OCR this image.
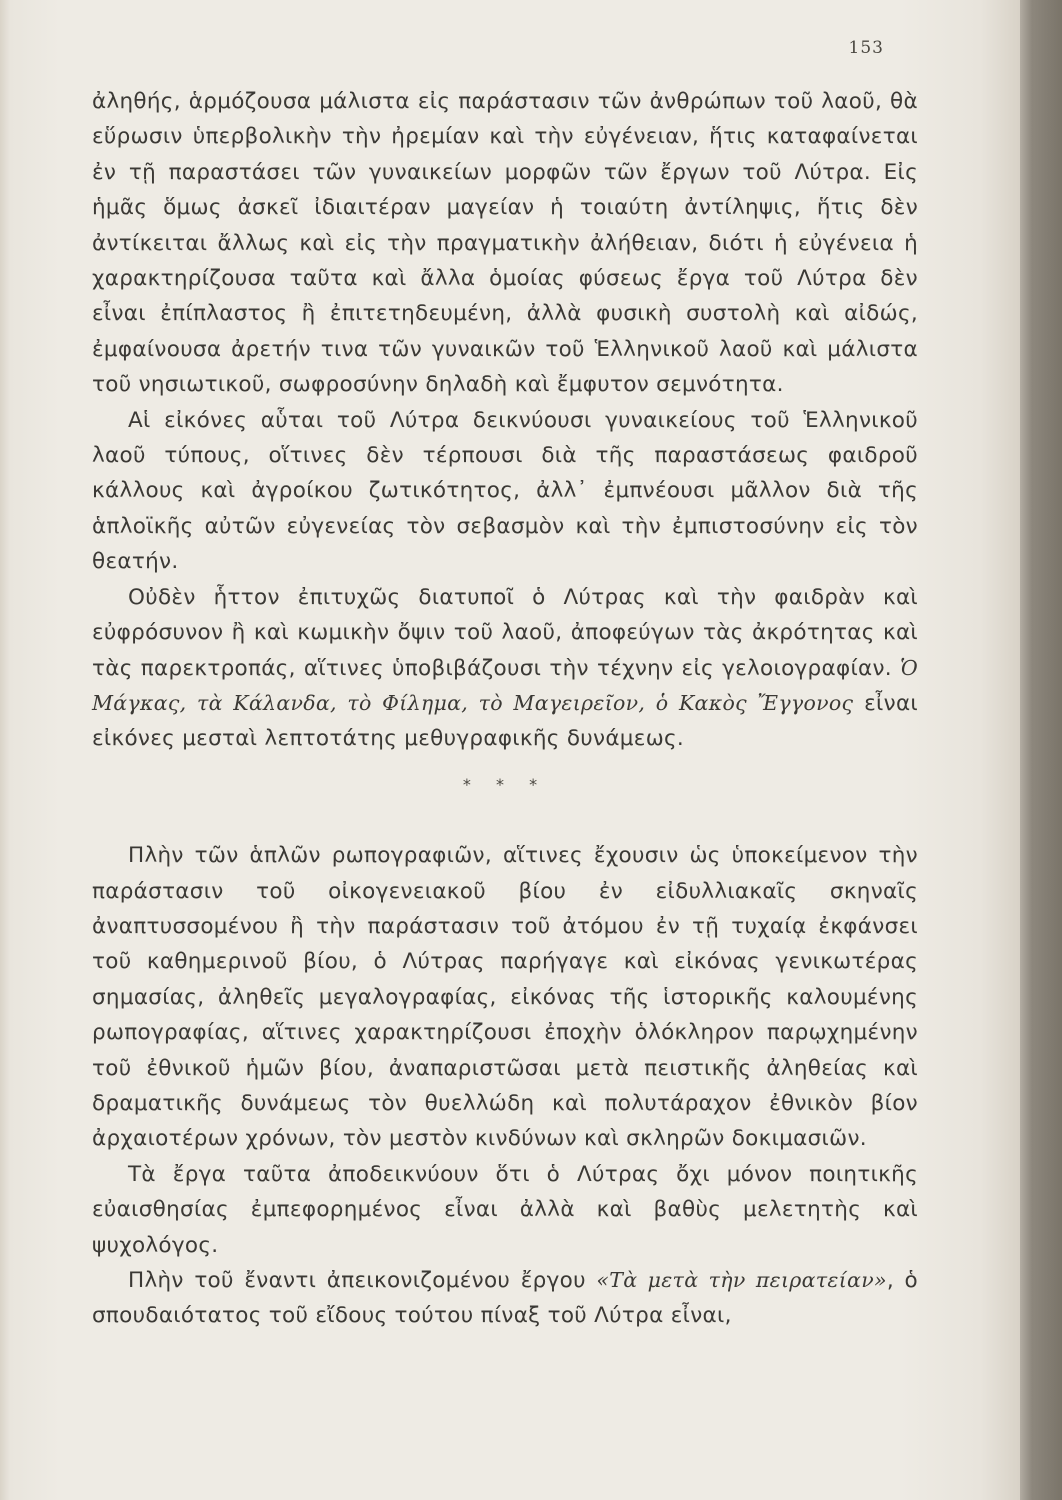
153

ἀληθής, ἁρμόζουσα μάλιστα εἰς παράστασιν τῶν ἀνθρώπων τοῦ λαοῦ, θὰ εὕρωσιν ὑπερβολικὴν τὴν ἠρεμίαν καὶ τὴν εὐγένειαν, ἥτις καταφαίνεται ἐν τῇ παραστάσει τῶν γυναικείων μορφῶν τῶν ἔργων τοῦ Λύτρα. Εἰς ἡμᾶς ὅμως ἀσκεῖ ἰδιαιτέραν μαγείαν ἡ τοιαύτη ἀντίληψις, ἥτις δὲν ἀντίκειται ἄλλως καὶ εἰς τὴν πραγματικὴν ἀλήθειαν, διότι ἡ εὐγένεια ἡ χαρακτηρίζουσα ταῦτα καὶ ἄλλα ὁμοίας φύσεως ἔργα τοῦ Λύτρα δὲν εἶναι ἐπίπλαστος ἢ ἐπιτετηδευμένη, ἀλλὰ φυσικὴ συστολὴ καὶ αἰδώς, ἐμφαίνουσα ἀρετήν τινα τῶν γυναικῶν τοῦ Ἑλληνικοῦ λαοῦ καὶ μάλιστα τοῦ νησιωτικοῦ, σωφροσύνην δηλαδὴ καὶ ἔμφυτον σεμνότητα.

Αἱ εἰκόνες αὗται τοῦ Λύτρα δεικνύουσι γυναικείους τοῦ Ἑλληνικοῦ λαοῦ τύπους, οἵτινες δὲν τέρπουσι διὰ τῆς παραστάσεως φαιδροῦ κάλλους καὶ ἀγροίκου ζωτικότητος, ἀλλ᾽ ἐμπνέουσι μᾶλλον διὰ τῆς ἁπλοϊκῆς αὐτῶν εὐγενείας τὸν σεβασμὸν καὶ τὴν ἐμπιστοσύνην εἰς τὸν θεατήν.

Οὐδὲν ἧττον ἐπιτυχῶς διατυποῖ ὁ Λύτρας καὶ τὴν φαιδρὰν καὶ εὐφρόσυνον ἢ καὶ κωμικὴν ὄψιν τοῦ λαοῦ, ἀποφεύγων τὰς ἀκρότητας καὶ τὰς παρεκτροπάς, αἵτινες ὑποβιβάζουσι τὴν τέχνην εἰς γελοιογραφίαν. Ὁ Μάγκας, τὰ Κάλανδα, τὸ Φίλημα, τὸ Μαγειρεῖον, ὁ Κακὸς Ἔγγονος εἶναι εἰκόνες μεσταὶ λεπτοτάτης μεθυγραφικῆς δυνάμεως.

* * *

Πλὴν τῶν ἁπλῶν ρωπογραφιῶν, αἵτινες ἔχουσιν ὡς ὑποκείμενον τὴν παράστασιν τοῦ οἰκογενειακοῦ βίου ἐν εἰδυλλιακαῖς σκηναῖς ἀναπτυσσομένου ἢ τὴν παράστασιν τοῦ ἀτόμου ἐν τῇ τυχαίᾳ ἐκφάνσει τοῦ καθημερινοῦ βίου, ὁ Λύτρας παρήγαγε καὶ εἰκόνας γενικωτέρας σημασίας, ἀληθεῖς μεγαλογραφίας, εἰκόνας τῆς ἱστορικῆς καλουμένης ρωπογραφίας, αἵτινες χαρακτηρίζουσι ἐποχὴν ὁλόκληρον παρῳχημένην τοῦ ἐθνικοῦ ἡμῶν βίου, ἀναπαριστῶσαι μετὰ πειστικῆς ἀληθείας καὶ δραματικῆς δυνάμεως τὸν θυελλώδη καὶ πολυτάραχον ἐθνικὸν βίον ἀρχαιοτέρων χρόνων, τὸν μεστὸν κινδύνων καὶ σκληρῶν δοκιμασιῶν.

Τὰ ἔργα ταῦτα ἀποδεικνύουν ὅτι ὁ Λύτρας ὄχι μόνον ποιητικῆς εὐαισθησίας ἐμπεφορημένος εἶναι ἀλλὰ καὶ βαθὺς μελετητὴς καὶ ψυχολόγος.

Πλὴν τοῦ ἔναντι ἀπεικονιζομένου ἔργου «Τὰ μετὰ τὴν πειρατείαν», ὁ σπουδαιότατος τοῦ εἴδους τούτου πίναξ τοῦ Λύτρα εἶναι,
